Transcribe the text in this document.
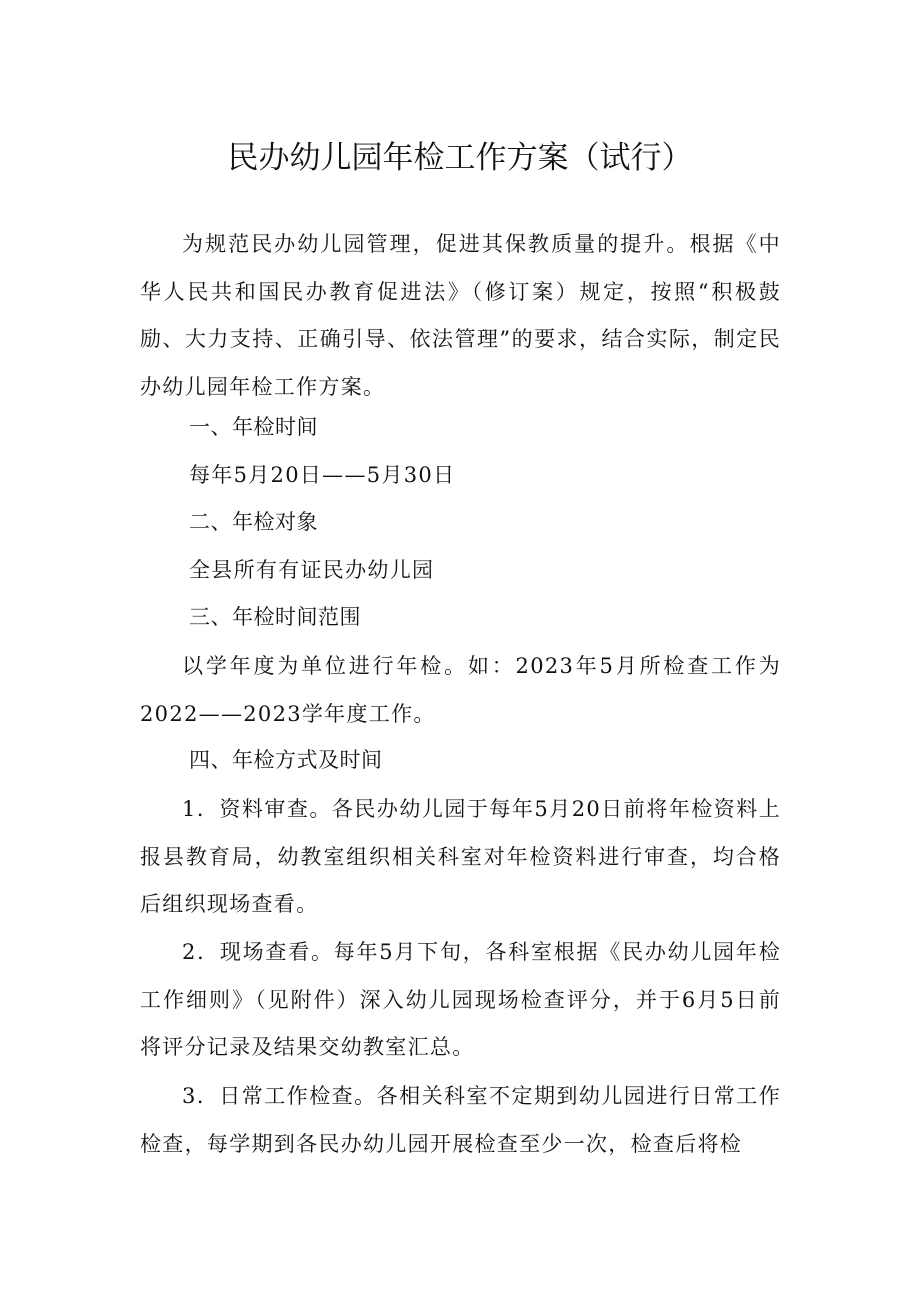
民办幼儿园年检工作方案（试行）
为规范民办幼儿园管理，促进其保教质量的提升。根据《中华人民共和国民办教育促进法》（修订案）规定，按照“积极鼓励、大力支持、正确引导、依法管理”的要求，结合实际，制定民办幼儿园年检工作方案。
一、年检时间
每年5月20日——5月30日
二、年检对象
全县所有有证民办幼儿园
三、年检时间范围
以学年度为单位进行年检。如：2023年5月所检查工作为2022——2023学年度工作。
四、年检方式及时间
1．资料审查。各民办幼儿园于每年5月20日前将年检资料上报县教育局，幼教室组织相关科室对年检资料进行审查，均合格后组织现场查看。
2．现场查看。每年5月下旬，各科室根据《民办幼儿园年检工作细则》（见附件）深入幼儿园现场检查评分，并于6月5日前将评分记录及结果交幼教室汇总。
3．日常工作检查。各相关科室不定期到幼儿园进行日常工作检查，每学期到各民办幼儿园开展检查至少一次，检查后将检
